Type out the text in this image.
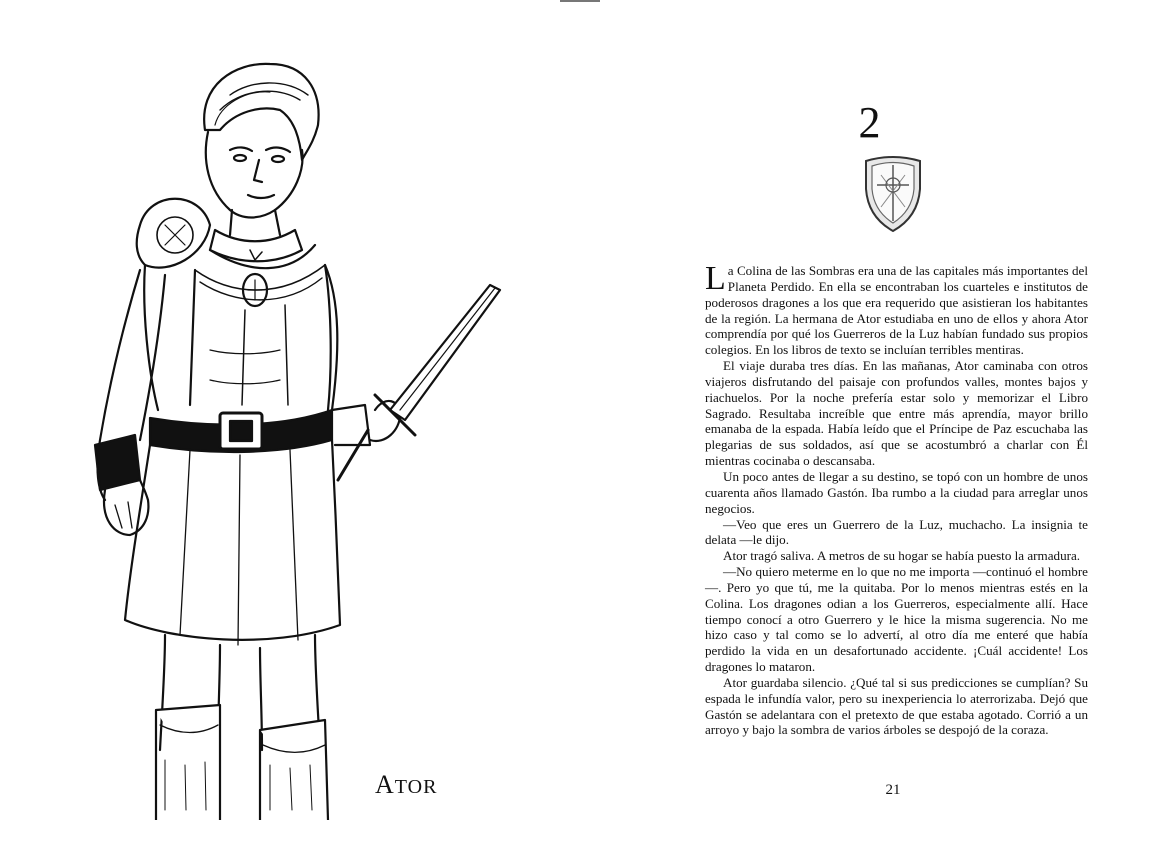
ATOR
2

La Colina de las Sombras era una de las capitales más importantes del Planeta Perdido. En ella se encontraban los cuarteles e institutos de poderosos dragones a los que era requerido que asistieran los habitantes de la región. La hermana de Ator estudiaba en uno de ellos y ahora Ator comprendía por qué los Guerreros de la Luz habían fundado sus propios colegios. En los libros de texto se incluían terribles mentiras.

El viaje duraba tres días. En las mañanas, Ator caminaba con otros viajeros disfrutando del paisaje con profundos valles, montes bajos y riachuelos. Por la noche prefería estar solo y memorizar el Libro Sagrado. Resultaba increíble que entre más aprendía, mayor brillo emanaba de la espada. Había leído que el Príncipe de Paz escuchaba las plegarias de sus soldados, así que se acostumbró a charlar con Él mientras cocinaba o descansaba.

Un poco antes de llegar a su destino, se topó con un hombre de unos cuarenta años llamado Gastón. Iba rumbo a la ciudad para arreglar unos negocios.

—Veo que eres un Guerrero de la Luz, muchacho. La insignia te delata —le dijo.

Ator tragó saliva. A metros de su hogar se había puesto la armadura.

—No quiero meterme en lo que no me importa —continuó el hombre—. Pero yo que tú, me la quitaba. Por lo menos mientras estés en la Colina. Los dragones odian a los Guerreros, especialmente allí. Hace tiempo conocí a otro Guerrero y le hice la misma sugerencia. No me hizo caso y tal como se lo advertí, al otro día me enteré que había perdido la vida en un desafortunado accidente. ¡Cuál accidente! Los dragones lo mataron.

Ator guardaba silencio. ¿Qué tal si sus predicciones se cumplían? Su espada le infundía valor, pero su inexperiencia lo aterrorizaba. Dejó que Gastón se adelantara con el pretexto de que estaba agotado. Corrió a un arroyo y bajo la sombra de varios árboles se despojó de la coraza.

21
